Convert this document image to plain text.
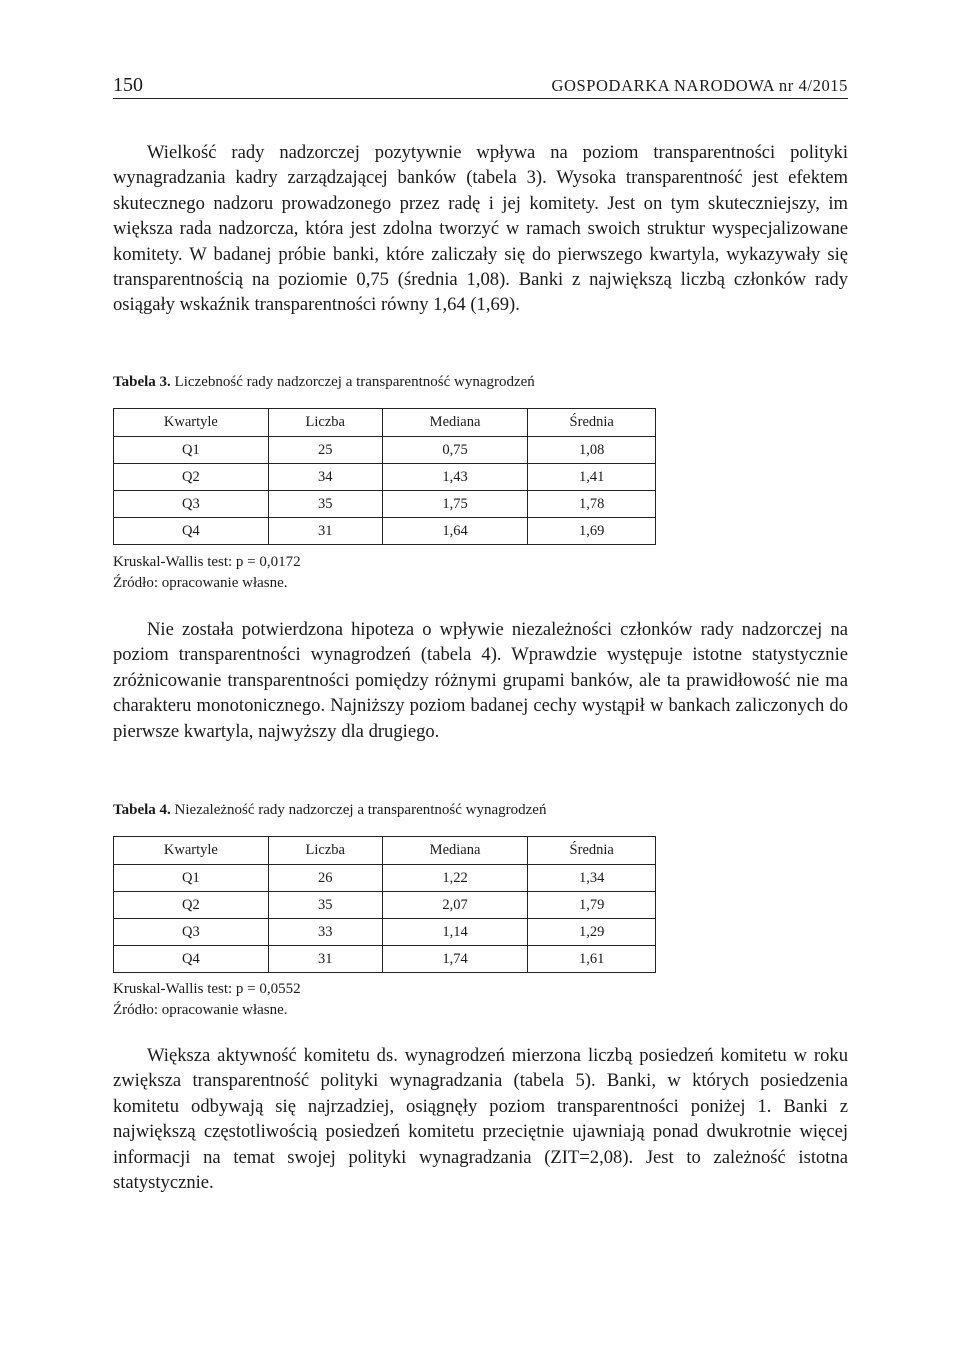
150	GOSPODARKA NARODOWA nr 4/2015

Wielkość rady nadzorczej pozytywnie wpływa na poziom transparentności polityki wynagradzania kadry zarządzającej banków (tabela 3). Wysoka transparentność jest efektem skutecznego nadzoru prowadzonego przez radę i jej komitety. Jest on tym skuteczniejszy, im większa rada nadzorcza, która jest zdolna tworzyć w ramach swoich struktur wyspecjalizowane komitety. W badanej próbie banki, które zaliczały się do pierwszego kwartyla, wykazywały się transparentnością na poziomie 0,75 (średnia 1,08). Banki z największą liczbą członków rady osiągały wskaźnik transparentności równy 1,64 (1,69).

Tabela 3. Liczebność rady nadzorczej a transparentność wynagrodzeń

Kwartyle	Liczba	Mediana	Średnia
Q1	25	0,75	1,08
Q2	34	1,43	1,41
Q3	35	1,75	1,78
Q4	31	1,64	1,69
Kruskal-Wallis test: p = 0,0172
Źródło: opracowanie własne.

Nie została potwierdzona hipoteza o wpływie niezależności członków rady nadzorczej na poziom transparentności wynagrodzeń (tabela 4). Wprawdzie występuje istotne statystycznie zróżnicowanie transparentności pomiędzy różnymi grupami banków, ale ta prawidłowość nie ma charakteru monotonicznego. Najniższy poziom badanej cechy wystąpił w bankach zaliczonych do pierwsze kwartyla, najwyższy dla drugiego.

Tabela 4. Niezależność rady nadzorczej a transparentność wynagrodzeń

Kwartyle	Liczba	Mediana	Średnia
Q1	26	1,22	1,34
Q2	35	2,07	1,79
Q3	33	1,14	1,29
Q4	31	1,74	1,61
Kruskal-Wallis test: p = 0,0552
Źródło: opracowanie własne.

Większa aktywność komitetu ds. wynagrodzeń mierzona liczbą posiedzeń komitetu w roku zwiększa transparentność polityki wynagradzania (tabela 5). Banki, w których posiedzenia komitetu odbywają się najrzadziej, osiągnęły poziom transparentności poniżej 1. Banki z największą częstotliwością posiedzeń komitetu przeciętnie ujawniają ponad dwukrotnie więcej informacji na temat swojej polityki wynagradzania (ZIT=2,08). Jest to zależność istotna statystycznie.
